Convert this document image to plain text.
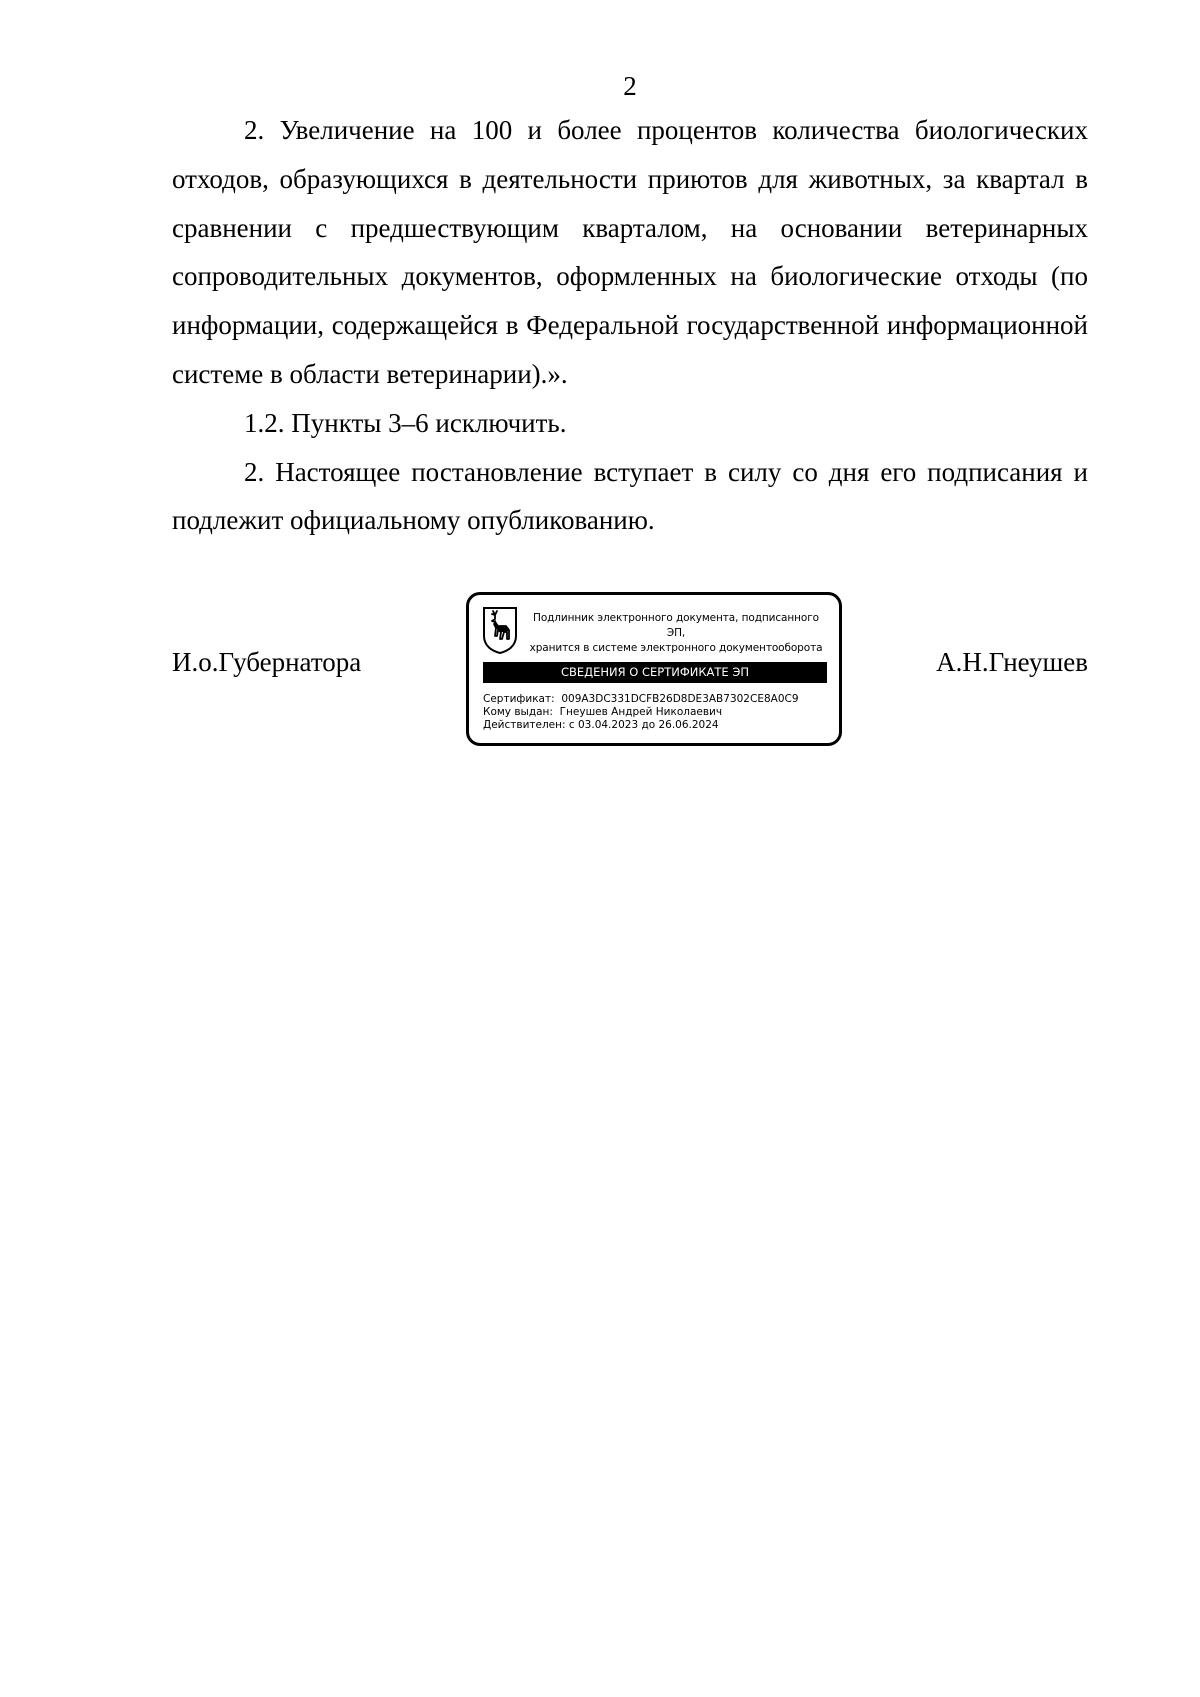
2

2. Увеличение на 100 и более процентов количества биологических отходов, образующихся в деятельности приютов для животных, за квартал в сравнении с предшествующим кварталом, на основании ветеринарных сопроводительных документов, оформленных на биологические отходы (по информации, содержащейся в Федеральной государственной информационной системе в области ветеринарии).».

1.2. Пункты 3–6 исключить.

2. Настоящее постановление вступает в силу со дня его подписания и подлежит официальному опубликованию.

И.о.Губернатора
Подлинник электронного документа, подписанного ЭП,
хранится в системе электронного документооборота
СВЕДЕНИЯ О СЕРТИФИКАТЕ ЭП
Сертификат: 009A3DC331DCFB26D8DE3AB7302CE8A0C9
Кому выдан: Гнеушев Андрей Николаевич
Действителен: с 03.04.2023 до 26.06.2024
А.Н.Гнеушев
